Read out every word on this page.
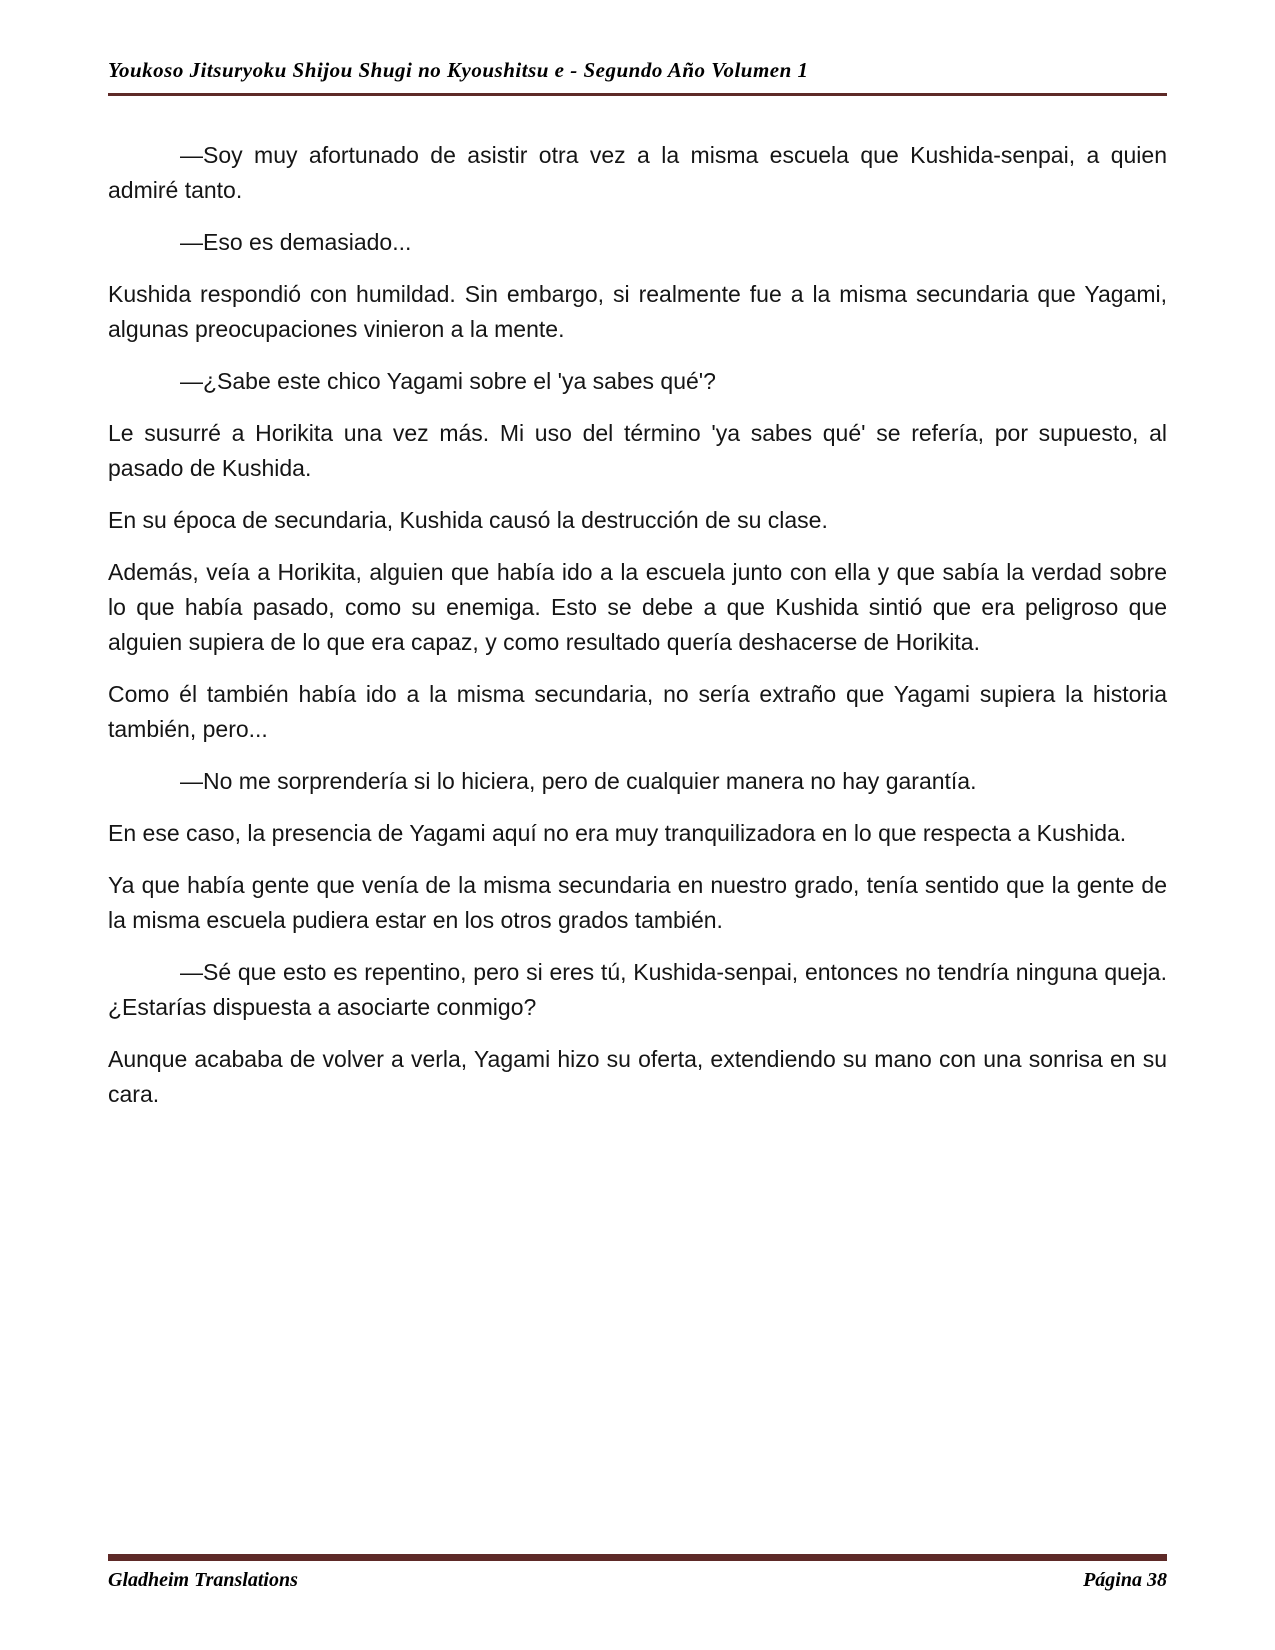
Youkoso Jitsuryoku Shijou Shugi no Kyoushitsu e - Segundo Año Volumen 1

—Soy muy afortunado de asistir otra vez a la misma escuela que Kushida-senpai, a quien admiré tanto.

—Eso es demasiado...

Kushida respondió con humildad. Sin embargo, si realmente fue a la misma secundaria que Yagami, algunas preocupaciones vinieron a la mente.

—¿Sabe este chico Yagami sobre el 'ya sabes qué'?

Le susurré a Horikita una vez más. Mi uso del término 'ya sabes qué' se refería, por supuesto, al pasado de Kushida.

En su época de secundaria, Kushida causó la destrucción de su clase.

Además, veía a Horikita, alguien que había ido a la escuela junto con ella y que sabía la verdad sobre lo que había pasado, como su enemiga. Esto se debe a que Kushida sintió que era peligroso que alguien supiera de lo que era capaz, y como resultado quería deshacerse de Horikita.

Como él también había ido a la misma secundaria, no sería extraño que Yagami supiera la historia también, pero...

—No me sorprendería si lo hiciera, pero de cualquier manera no hay garantía.

En ese caso, la presencia de Yagami aquí no era muy tranquilizadora en lo que respecta a Kushida.

Ya que había gente que venía de la misma secundaria en nuestro grado, tenía sentido que la gente de la misma escuela pudiera estar en los otros grados también.

—Sé que esto es repentino, pero si eres tú, Kushida-senpai, entonces no tendría ninguna queja. ¿Estarías dispuesta a asociarte conmigo?

Aunque acababa de volver a verla, Yagami hizo su oferta, extendiendo su mano con una sonrisa en su cara.

Gladheim Translations	Página 38
